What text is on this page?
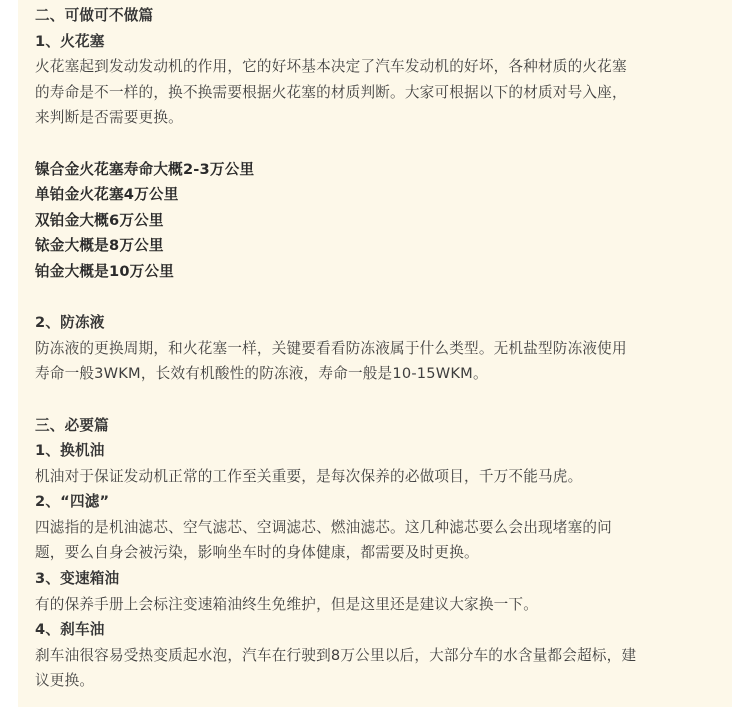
二、可做可不做篇
1、火花塞
火花塞起到发动发动机的作用，它的好坏基本决定了汽车发动机的好坏，各种材质的火花塞
的寿命是不一样的，换不换需要根据火花塞的材质判断。大家可根据以下的材质对号入座，
来判断是否需要更换。
镍合金火花塞寿命大概2-3万公里
单铂金火花塞4万公里
双铂金大概6万公里
铱金大概是8万公里
铂金大概是10万公里
2、防冻液
防冻液的更换周期，和火花塞一样，关键要看看防冻液属于什么类型。无机盐型防冻液使用
寿命一般3WKM，长效有机酸性的防冻液，寿命一般是10-15WKM。
三、必要篇
1、换机油
机油对于保证发动机正常的工作至关重要，是每次保养的必做项目，千万不能马虎。
2、“四滤”
四滤指的是机油滤芯、空气滤芯、空调滤芯、燃油滤芯。这几种滤芯要么会出现堵塞的问
题，要么自身会被污染，影响坐车时的身体健康，都需要及时更换。
3、变速箱油
有的保养手册上会标注变速箱油终生免维护，但是这里还是建议大家换一下。
4、刹车油
刹车油很容易受热变质起水泡，汽车在行驶到8万公里以后，大部分车的水含量都会超标，建
议更换。
